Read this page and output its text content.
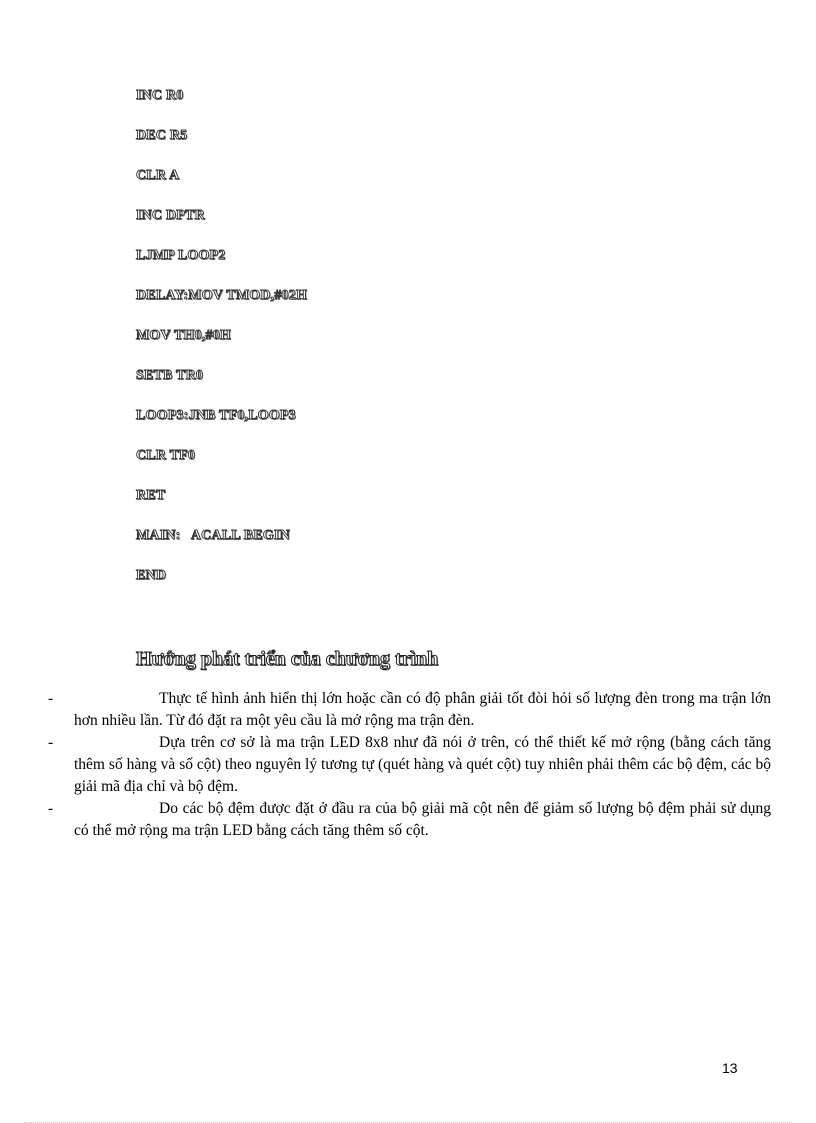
INC R0
DEC R5
CLR A
INC DPTR
LJMP LOOP2
DELAY:MOV TMOD,#02H
MOV TH0,#0H
SETB TR0
LOOP3:JNB TF0,LOOP3
CLR TF0
RET
MAIN:   ACALL BEGIN
END
Hướng phát triển của chương trình
-	Thực tế hình ảnh hiển thị lớn hoặc cần có độ phân giải tốt đòi hỏi số lượng đèn trong ma trận lớn hơn nhiều lần. Từ đó đặt ra một yêu cầu là mở rộng ma trận đèn.

-	Dựa trên cơ sở là ma trận LED 8x8 như đã nói ở trên, có thể thiết kế mở rộng (bằng cách tăng thêm số hàng và số cột) theo nguyên lý tương tự (quét hàng và quét cột) tuy nhiên phải thêm các bộ đệm, các bộ giải mã địa chỉ và bộ đệm.

-	Do các bộ đệm được đặt ở đầu ra của bộ giải mã cột nên để giảm số lượng bộ đệm phải sử dụng có thể mở rộng ma trận LED bằng cách tăng thêm số cột.

13
